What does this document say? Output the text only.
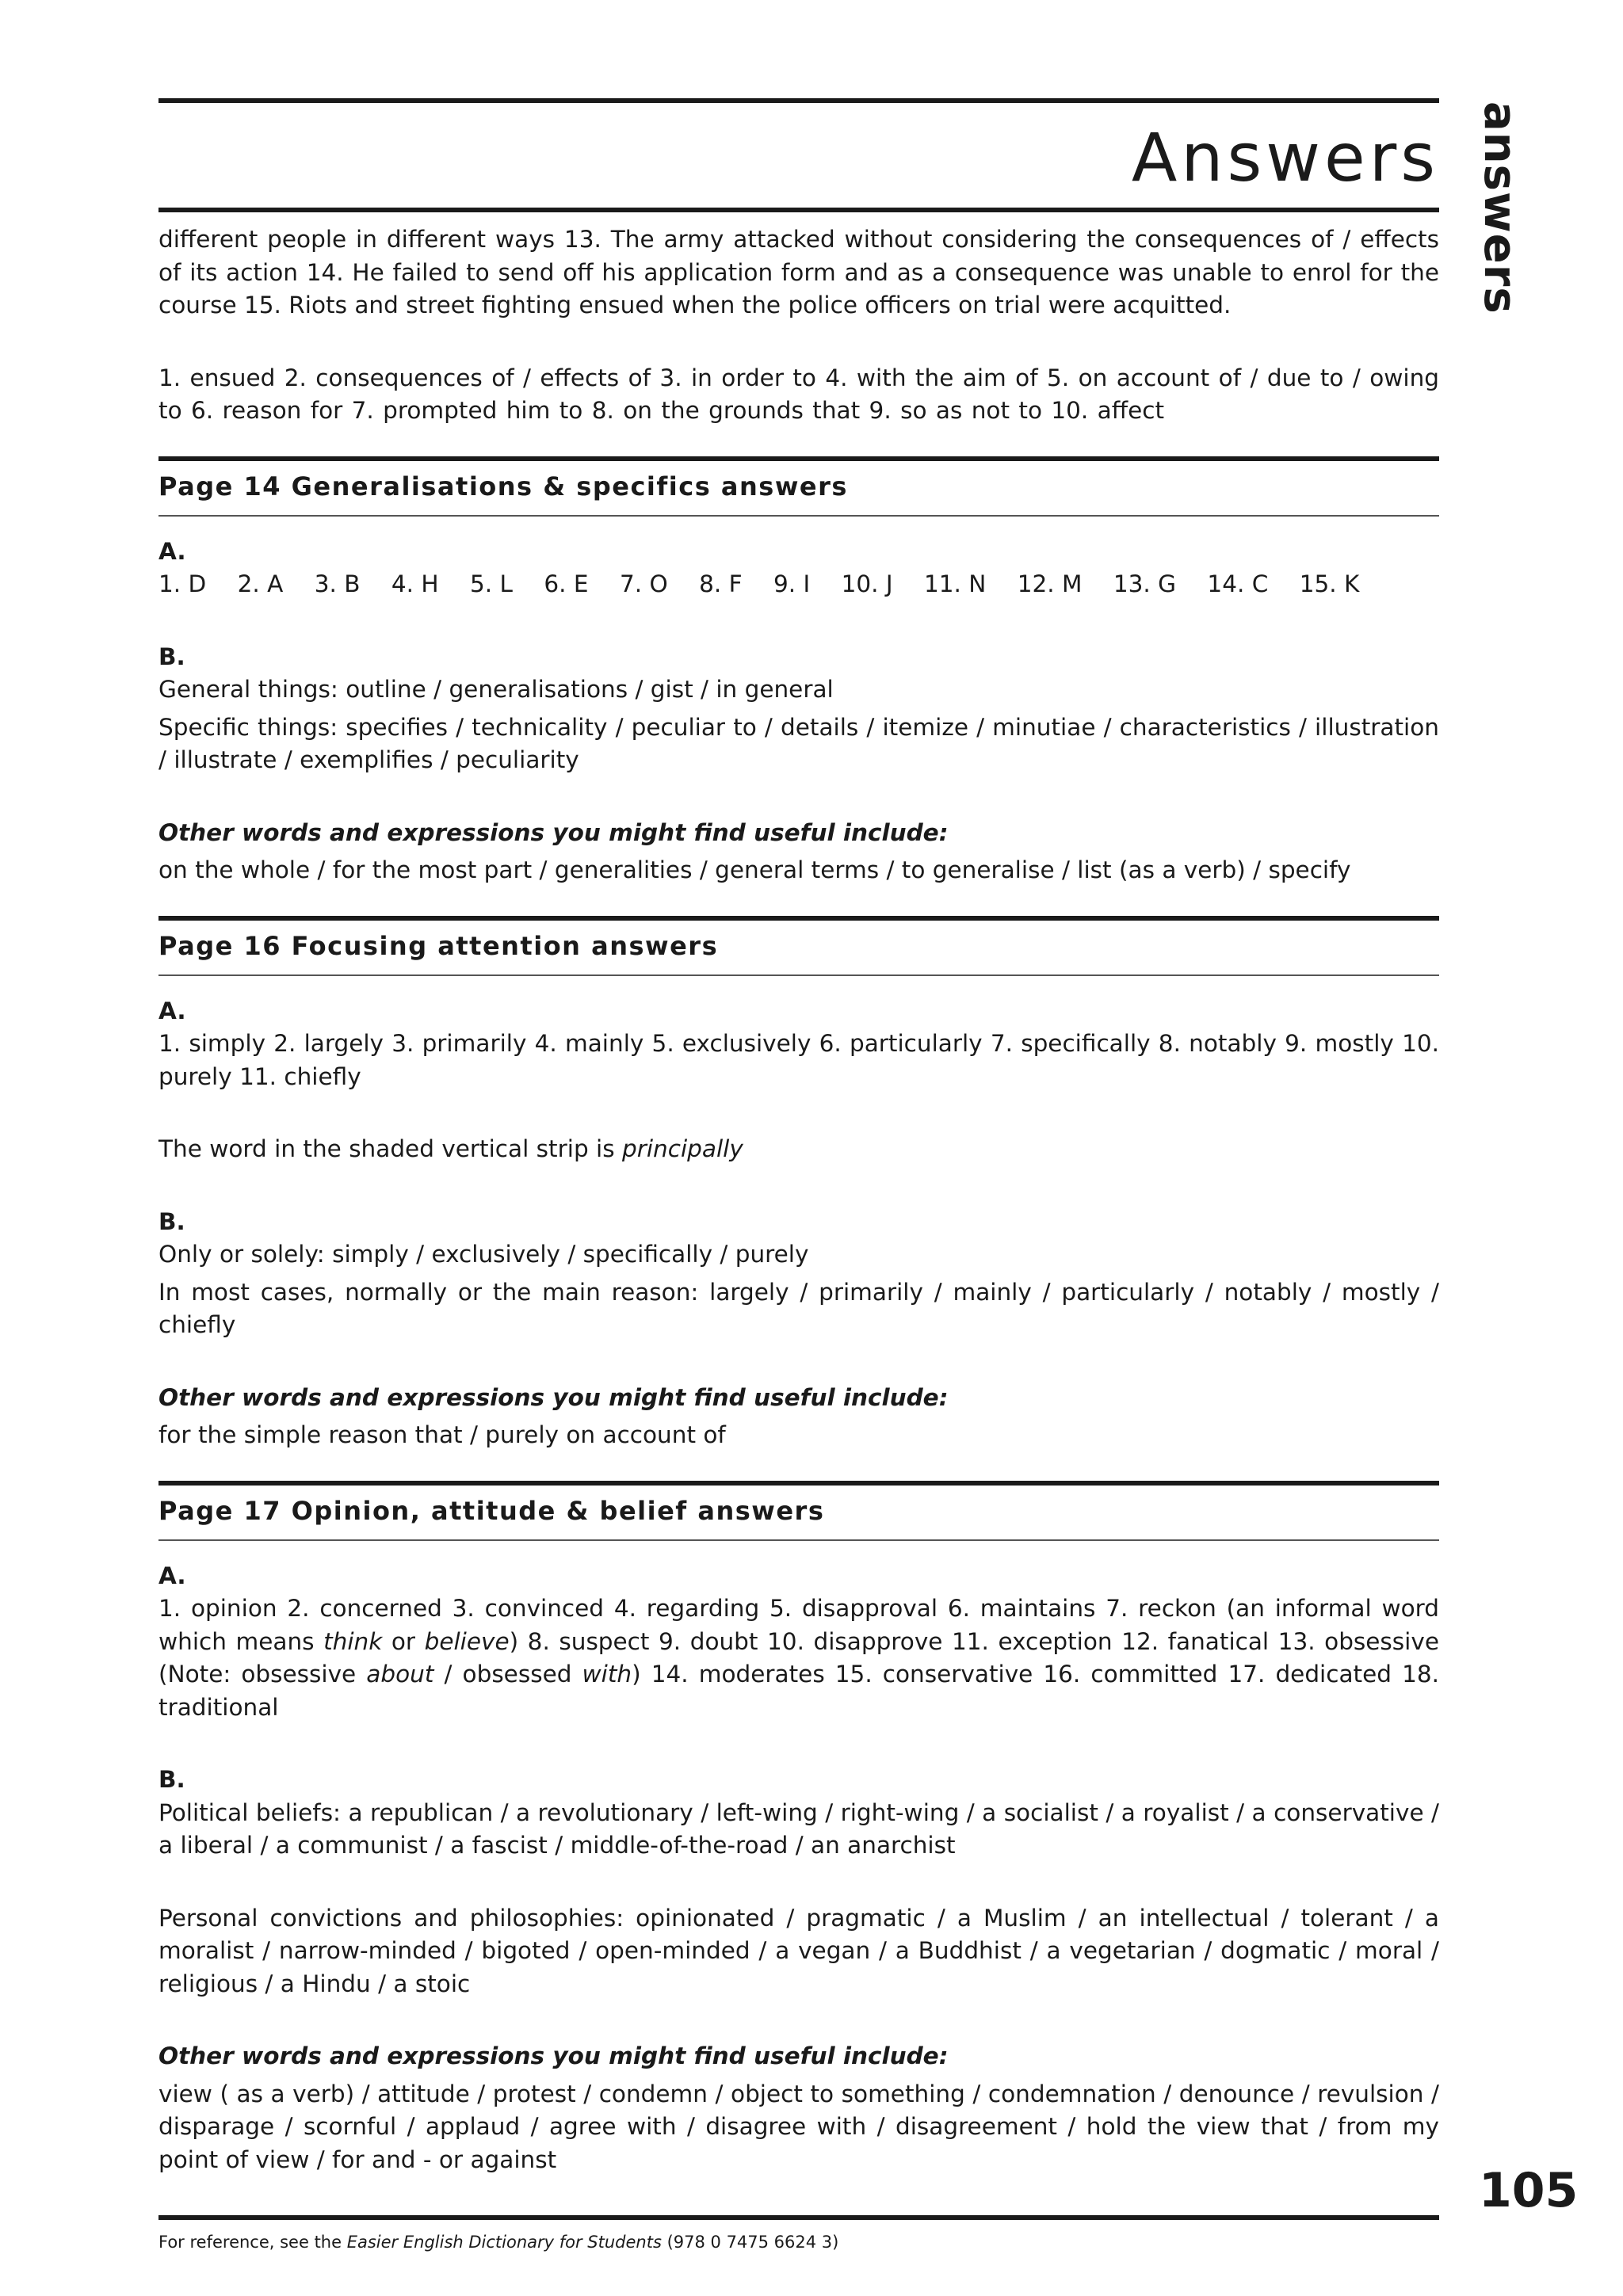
Answers answers

different people in different ways 13. The army attacked without considering the consequences of / effects of its action 14. He failed to send off his application form and as a consequence was unable to enrol for the course 15. Riots and street fighting ensued when the police officers on trial were acquitted.

1. ensued 2. consequences of / effects of 3. in order to 4. with the aim of 5. on account of / due to / owing to 6. reason for 7. prompted him to 8. on the grounds that 9. so as not to 10. affect

Page 14 Generalisations & specifics answers

A.

1. D 2. A 3. B 4. H 5. L 6. E 7. O 8. F 9. I 10. J 11. N 12. M 13. G 14. C 15. K

B.

General things: outline / generalisations / gist / in general

Specific things: specifies / technicality / peculiar to / details / itemize / minutiae / characteristics / illustration / illustrate / exemplifies / peculiarity

Other words and expressions you might find useful include:

on the whole / for the most part / generalities / general terms / to generalise / list (as a verb) / specify

Page 16 Focusing attention answers

A.

1. simply 2. largely 3. primarily 4. mainly 5. exclusively 6. particularly 7. specifically 8. notably 9. mostly 10. purely 11. chiefly

The word in the shaded vertical strip is principally

B.

Only or solely: simply / exclusively / specifically / purely

In most cases, normally or the main reason: largely / primarily / mainly / particularly / notably / mostly / chiefly

Other words and expressions you might find useful include:

for the simple reason that / purely on account of

Page 17 Opinion, attitude & belief answers

A.

1. opinion 2. concerned 3. convinced 4. regarding 5. disapproval 6. maintains 7. reckon (an informal word which means think or believe) 8. suspect 9. doubt 10. disapprove 11. exception 12. fanatical 13. obsessive (Note: obsessive about / obsessed with) 14. moderates 15. conservative 16. committed 17. dedicated 18. traditional

B.

Political beliefs: a republican / a revolutionary / left-wing / right-wing / a socialist / a royalist / a conservative / a liberal / a communist / a fascist / middle-of-the-road / an anarchist

Personal convictions and philosophies: opinionated / pragmatic / a Muslim / an intellectual / tolerant / a moralist / narrow-minded / bigoted / open-minded / a vegan / a Buddhist / a vegetarian / dogmatic / moral / religious / a Hindu / a stoic

Other words and expressions you might find useful include:

view ( as a verb) / attitude / protest / condemn / object to something / condemnation / denounce / revulsion / disparage / scornful / applaud / agree with / disagree with / disagreement / hold the view that / from my point of view / for and - or against

105
For reference, see the Easier English Dictionary for Students (978 0 7475 6624 3)
